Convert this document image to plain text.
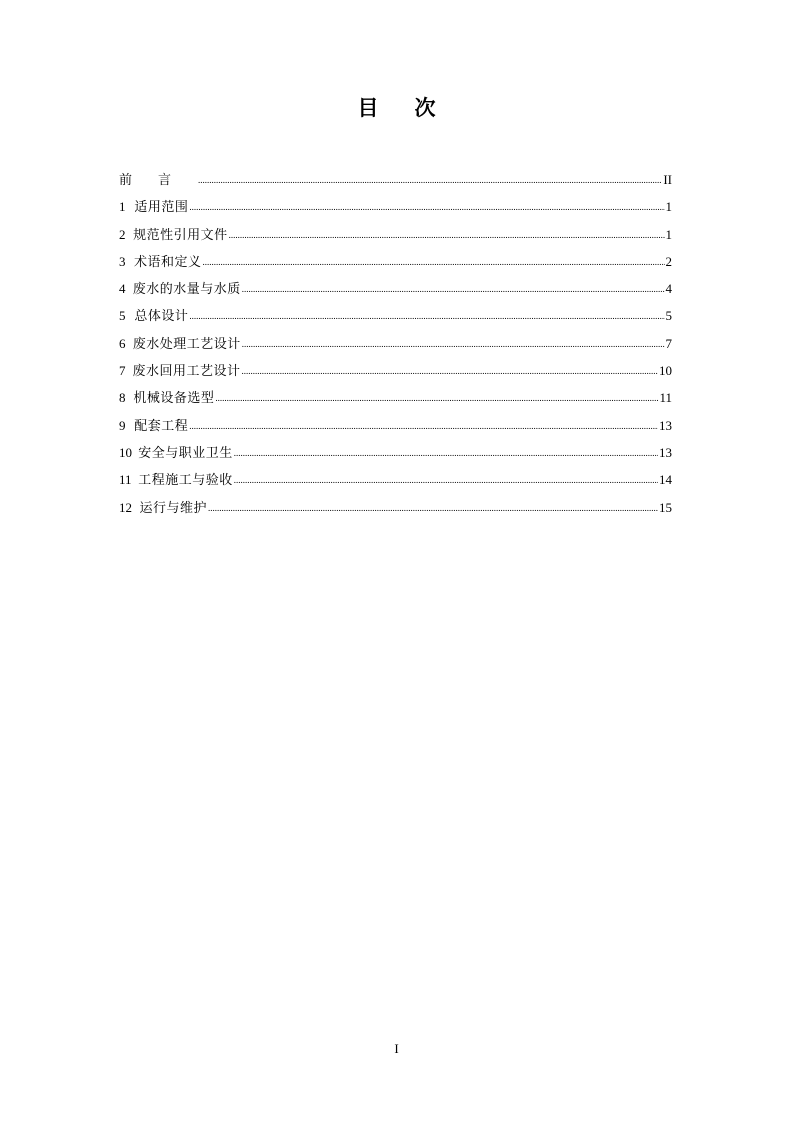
目次
前言 .....	II
1 适用范围 .....	1
2 规范性引用文件 .....	1
3 术语和定义 .....	2
4 废水的水量与水质 .....	4
5 总体设计 .....	5
6 废水处理工艺设计 .....	7
7 废水回用工艺设计 .....	10
8 机械设备选型 .....	11
9 配套工程 .....	13
10 安全与职业卫生 .....	13
11 工程施工与验收 .....	14
12 运行与维护 .....	15
I
